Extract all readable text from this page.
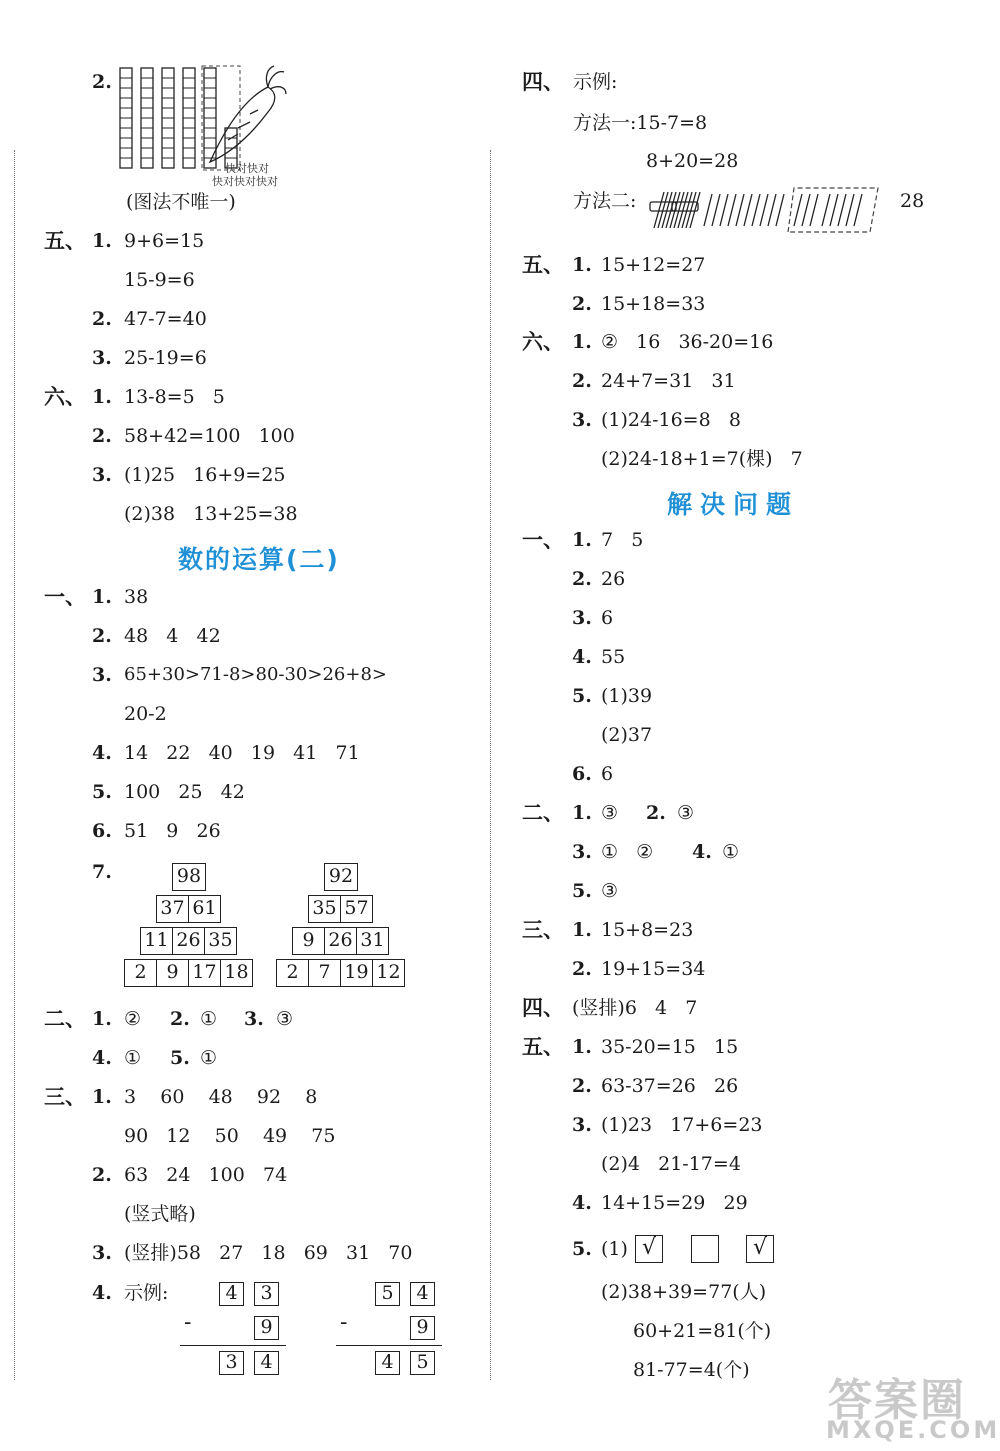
2.
快对快对
快对快对快对
(图法不唯一)
五、 1. 9+6=15
15-9=6
2. 47-7=40
3. 25-19=6
六、 1. 13-8=5   5
2. 58+42=100   100
3. (1)25   16+9=25
(2)38   13+25=38
数的运算(二)
一、 1. 38
2. 48   4   42
3. 65+30>71-8>80-30>26+8>
20-2
4. 14   22   40   19   41   71
5. 100   25   42
6. 51   9   26
7.	98
37 61
11 26 35
2	9 17 18
92
35 57
9 26 31
2	7 19 12
二、 1. ② 2. ① 3. ③
4. ① 5. ①
三、 1. 3    60    48    92    8
90   12    50    49    75
2. 63   24   100   74
(竖式略)
3. (竖排)58   27   18   69   31   70
4. 示例:	4	3
-	9
3	4
5	4
-	9
4	5
四、 示例:
方法一:15-7=8
8+20=28
方法二:	28
五、 1. 15+12=27
2. 15+18=33
六、 1. ②   16   36-20=16
2. 24+7=31   31
3. (1)24-16=8   8
(2)24-18+1=7(棵)   7
解决问题
一、 1. 7   5
2. 26
3. 6
4. 55
5. (1)39
(2)37
6. 6
二、 1. ③ 2. ③
3. ①   ② 4. ①
5. ③
三、 1. 15+8=23
2. 19+15=34
四、 (竖排)6   4   7
五、 1. 35-20=15   15
2. 63-37=26   26
3. (1)23   17+6=23
(2)4   21-17=4
4. 14+15=29   29
5. (1) √	√
(2)38+39=77(人)
60+21=81(个)
81-77=4(个)
答案圈
MXQE.COM
